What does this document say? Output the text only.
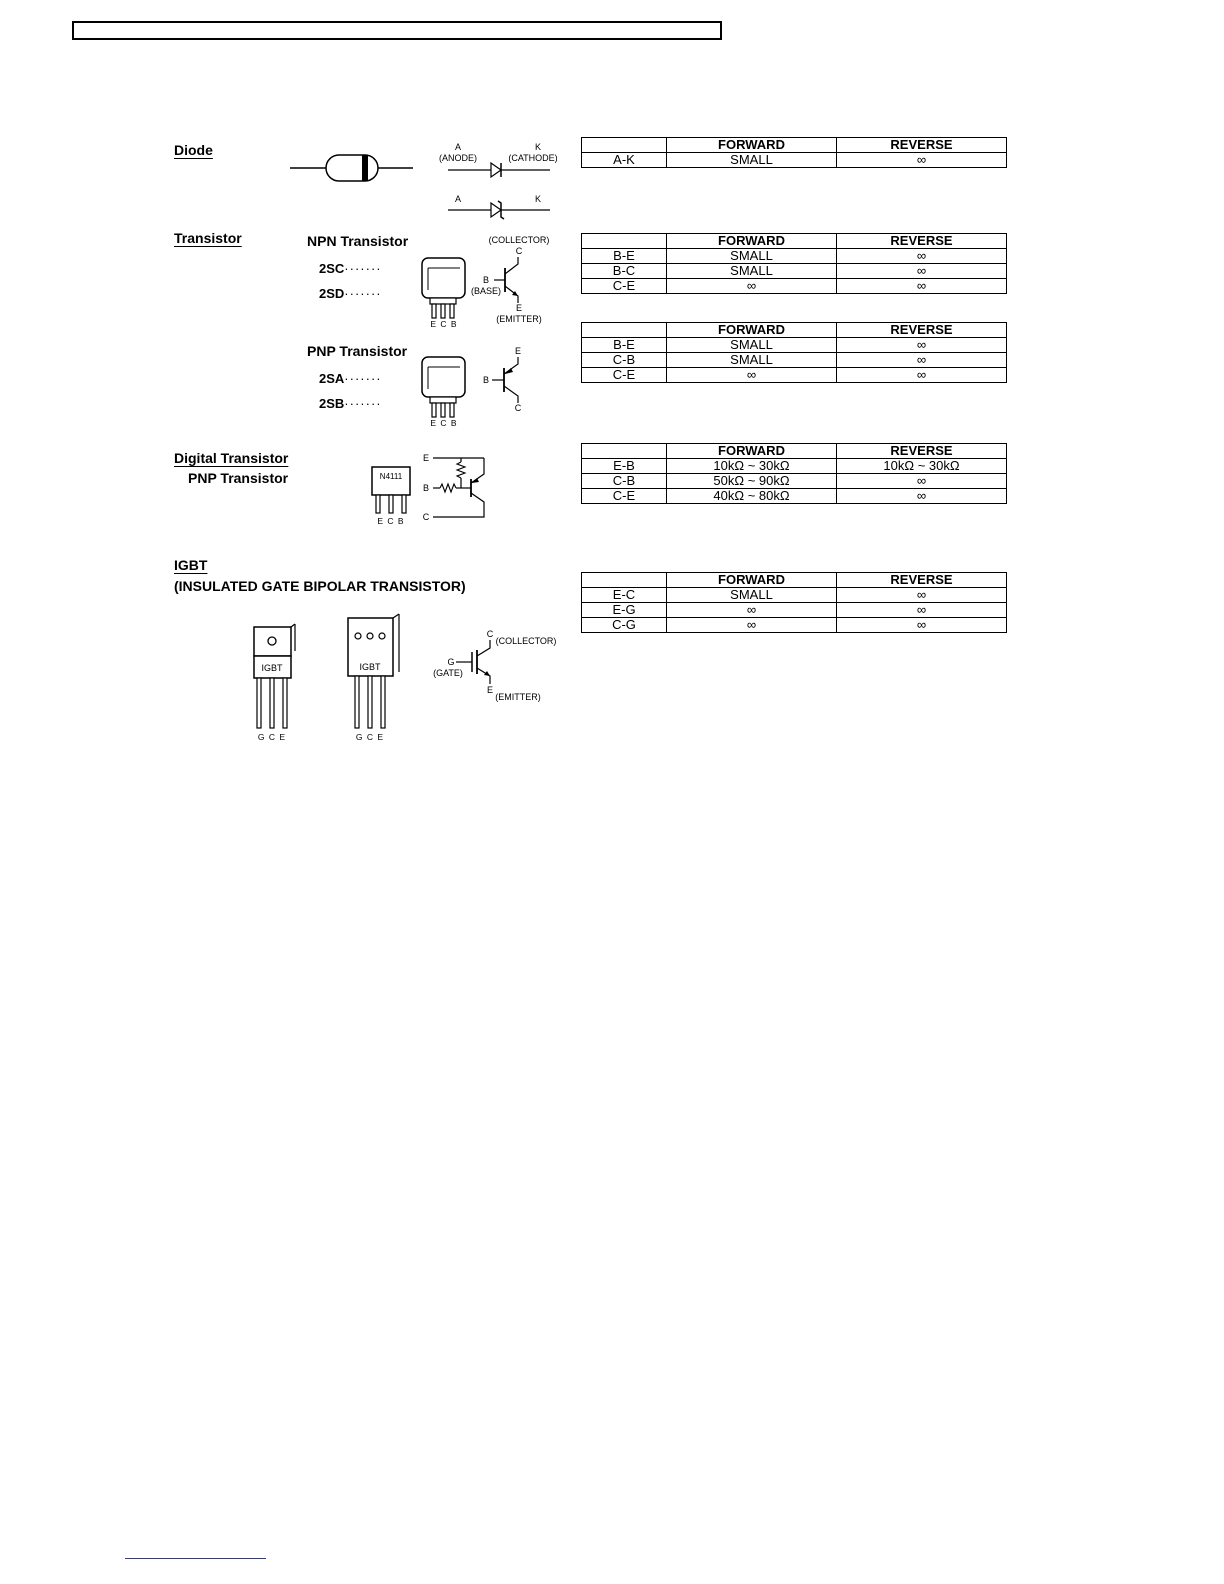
Diode	A
(ANODE)
K
(CATHODE)
A	K
	FORWARD	REVERSE
A-K	SMALL	∞
Transistor	NPN Transistor
2SC·······
2SD·······
E C B
(COLLECTOR)
C
B
(BASE)
E
(EMITTER)
	FORWARD	REVERSE
B-E	SMALL	∞
B-C	SMALL	∞
C-E	∞	∞
PNP Transistor
2SA·······
2SB·······
E C B
E
B
C
	FORWARD	REVERSE
B-E	SMALL	∞
C-B	SMALL	∞
C-E	∞	∞
Digital Transistor
PNP Transistor	N4111
E C B
E
B
C
	FORWARD	REVERSE
E-B	10kΩ ~ 30kΩ	10kΩ ~ 30kΩ
C-B	50kΩ ~ 90kΩ	∞
C-E	40kΩ ~ 80kΩ	∞
IGBT
(INSULATED GATE BIPOLAR TRANSISTOR)
IGBT
G C E
IGBT
G C E
C
(COLLECTOR)
G
(GATE)
E
(EMITTER)
	FORWARD	REVERSE
E-C	SMALL	∞
E-G	∞	∞
C-G	∞	∞
